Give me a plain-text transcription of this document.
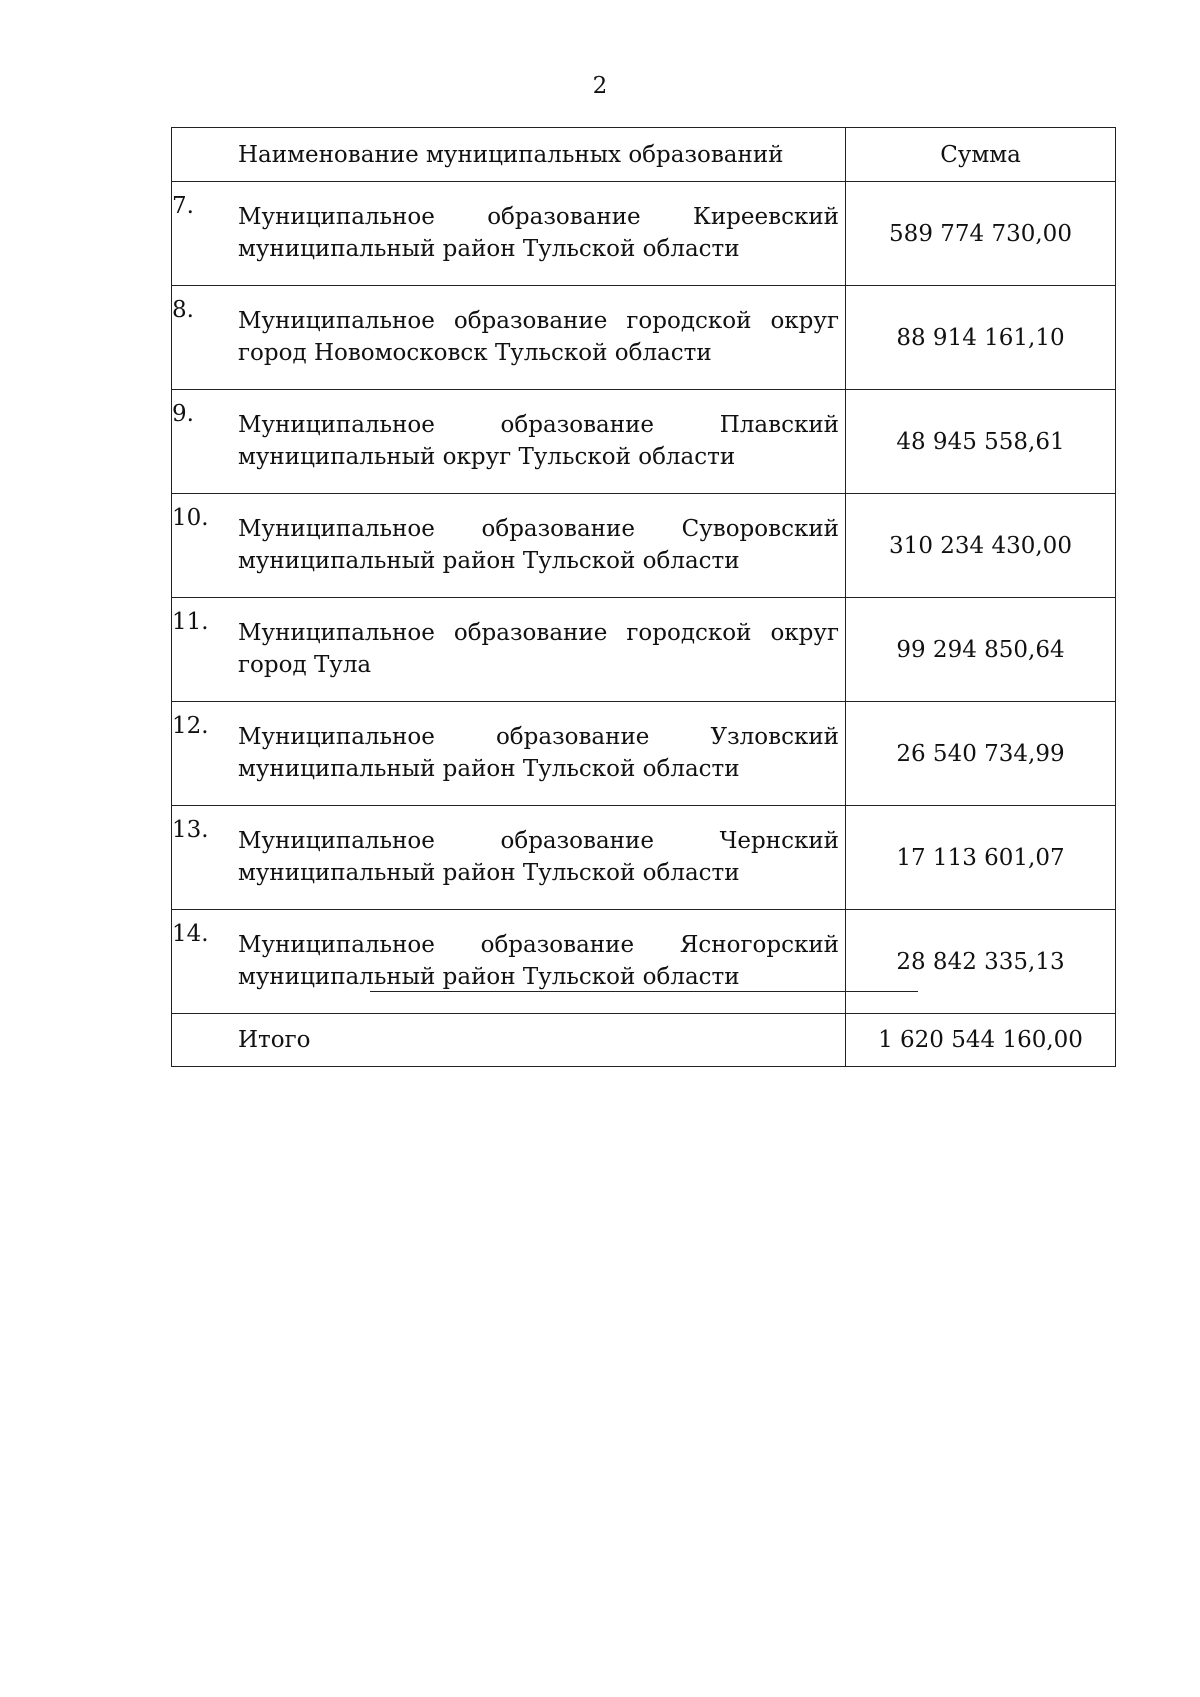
2
Наименование муниципальных образований	Сумма

7. Муниципальное образование Киреевский муниципальный район Тульской области	589 774 730,00

8. Муниципальное образование городской округ город Новомосковск Тульской области	88 914 161,10

9. Муниципальное образование Плавский муниципальный округ Тульской области	48 945 558,61

10. Муниципальное образование Суворовский муниципальный район Тульской области	310 234 430,00

11. Муниципальное образование городской округ город Тула	99 294 850,64

12. Муниципальное образование Узловский муниципальный район Тульской области	26 540 734,99

13. Муниципальное образование Чернский муниципальный район Тульской области	17 113 601,07

14. Муниципальное образование Ясногорский муниципальный район Тульской области	28 842 335,13
Итого	1 620 544 160,00
